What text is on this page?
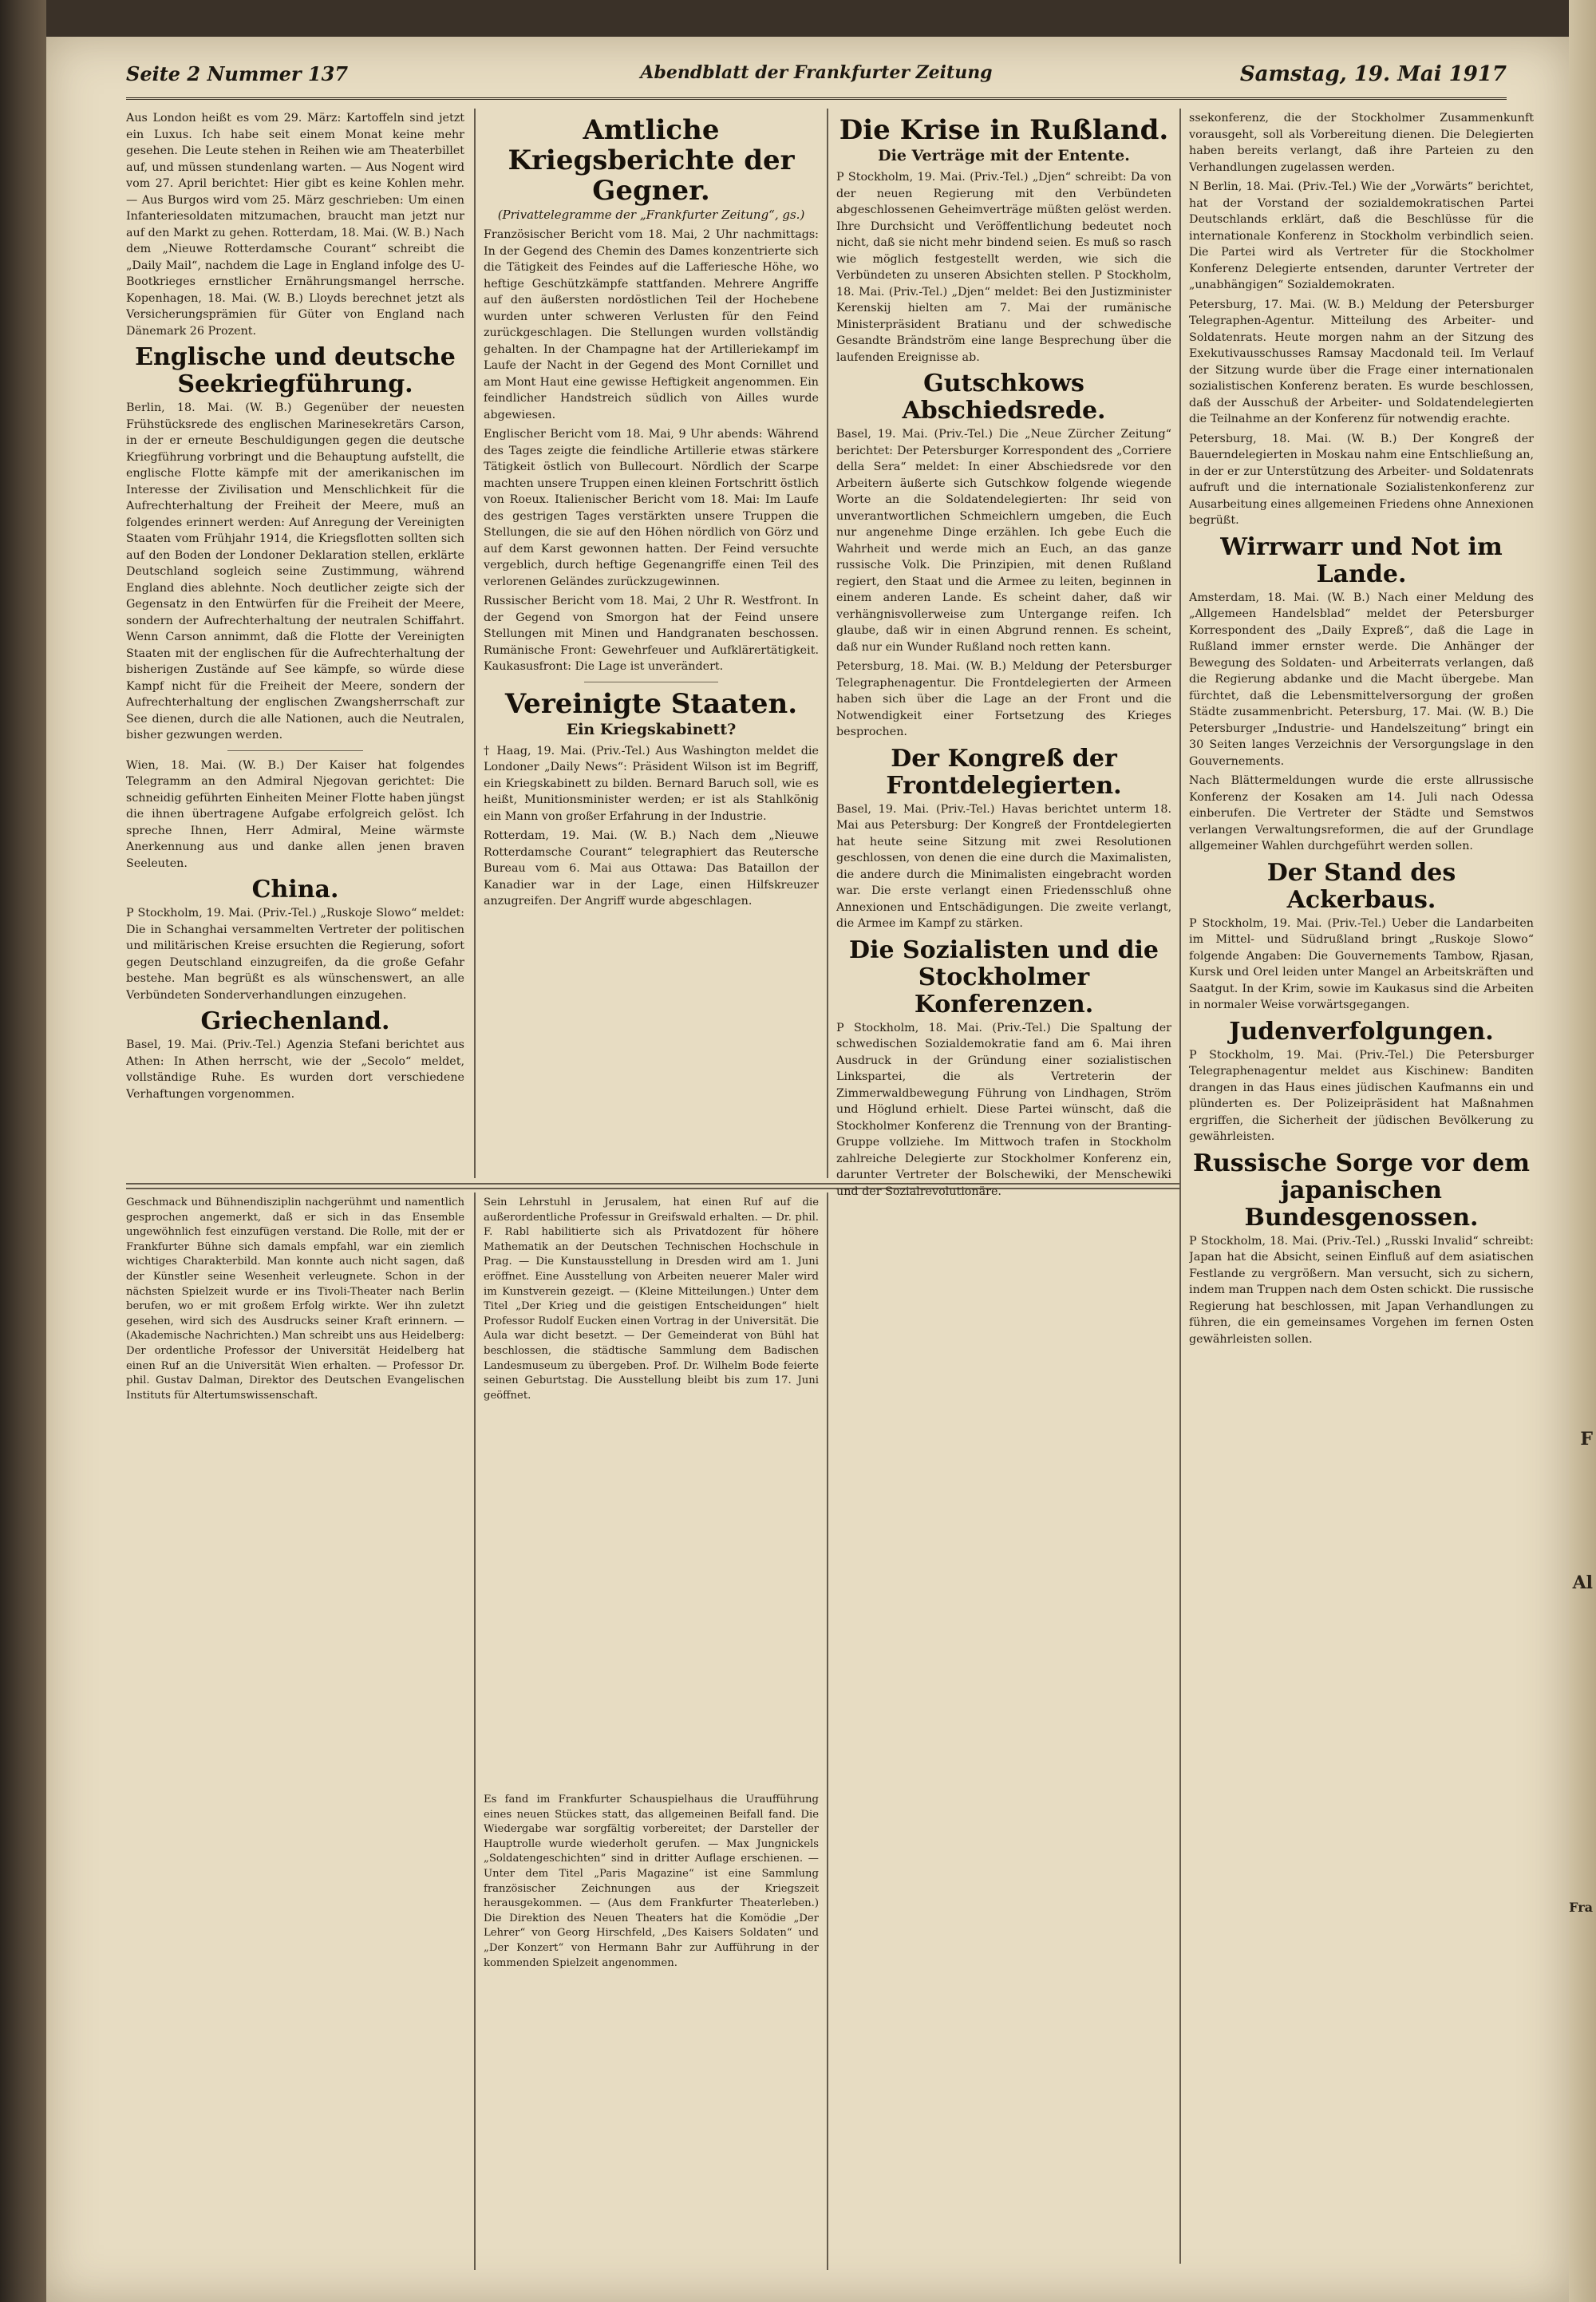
Seite 2 Nummer 137	Abendblatt der Frankfurter Zeitung	Samstag, 19. Mai 1917

Aus London heißt es vom 29. März: Kartoffeln sind jetzt ein Luxus. Ich habe seit einem Monat keine mehr gesehen. Die Leute stehen in Reihen wie am Theaterbillet auf, und müssen stundenlang warten. — Aus Nogent wird vom 27. April berichtet: Hier gibt es keine Kohlen mehr. — Aus Burgos wird vom 25. März geschrieben: Um einen Infanteriesoldaten mitzumachen, braucht man jetzt nur auf den Markt zu gehen. Rotterdam, 18. Mai. (W. B.) Nach dem „Nieuwe Rotterdamsche Courant“ schreibt die „Daily Mail“, nachdem die Lage in England infolge des U-Bootkrieges ernstlicher Ernährungsmangel herrsche. Kopenhagen, 18. Mai. (W. B.) Lloyds berechnet jetzt als Versicherungsprämien für Güter von England nach Dänemark 26 Prozent.

Englische und deutsche Seekriegführung.

Berlin, 18. Mai. (W. B.) Gegenüber der neuesten Frühstücksrede des englischen Marinesekretärs Carson, in der er erneute Beschuldigungen gegen die deutsche Kriegführung vorbringt und die Behauptung aufstellt, die englische Flotte kämpfe mit der amerikanischen im Interesse der Zivilisation und Menschlichkeit für die Aufrechterhaltung der Freiheit der Meere, muß an folgendes erinnert werden: Auf Anregung der Vereinigten Staaten vom Frühjahr 1914, die Kriegsflotten sollten sich auf den Boden der Londoner Deklaration stellen, erklärte Deutschland sogleich seine Zustimmung, während England dies ablehnte. Noch deutlicher zeigte sich der Gegensatz in den Entwürfen für die Freiheit der Meere, sondern der Aufrechterhaltung der neutralen Schiffahrt. Wenn Carson annimmt, daß die Flotte der Vereinigten Staaten mit der englischen für die Aufrechterhaltung der bisherigen Zustände auf See kämpfe, so würde diese Kampf nicht für die Freiheit der Meere, sondern der Aufrechterhaltung der englischen Zwangsherrschaft zur See dienen, durch die alle Nationen, auch die Neutralen, bisher gezwungen werden.

Wien, 18. Mai. (W. B.) Der Kaiser hat folgendes Telegramm an den Admiral Njegovan gerichtet: Die schneidig geführten Einheiten Meiner Flotte haben jüngst die ihnen übertragene Aufgabe erfolgreich gelöst. Ich spreche Ihnen, Herr Admiral, Meine wärmste Anerkennung aus und danke allen jenen braven Seeleuten.

China.

P Stockholm, 19. Mai. (Priv.-Tel.) „Ruskoje Slowo“ meldet: Die in Schanghai versammelten Vertreter der politischen und militärischen Kreise ersuchten die Regierung, sofort gegen Deutschland einzugreifen, da die große Gefahr bestehe. Man begrüßt es als wünschenswert, an alle Verbündeten Sonderverhandlungen einzugehen.

Griechenland.

Basel, 19. Mai. (Priv.-Tel.) Agenzia Stefani berichtet aus Athen: In Athen herrscht, wie der „Secolo“ meldet, vollständige Ruhe. Es wurden dort verschiedene Verhaftungen vorgenommen.

Amtliche Kriegsberichte der Gegner.
(Privattelegramme der „Frankfurter Zeitung“, gs.)

Französischer Bericht vom 18. Mai, 2 Uhr nachmittags: In der Gegend des Chemin des Dames konzentrierte sich die Tätigkeit des Feindes auf die Lafferiesche Höhe, wo heftige Geschützkämpfe stattfanden. Mehrere Angriffe auf den äußersten nordöstlichen Teil der Hochebene wurden unter schweren Verlusten für den Feind zurückgeschlagen. Die Stellungen wurden vollständig gehalten. In der Champagne hat der Artilleriekampf im Laufe der Nacht in der Gegend des Mont Cornillet und am Mont Haut eine gewisse Heftigkeit angenommen. Ein feindlicher Handstreich südlich von Ailles wurde abgewiesen.

Englischer Bericht vom 18. Mai, 9 Uhr abends: Während des Tages zeigte die feindliche Artillerie etwas stärkere Tätigkeit östlich von Bullecourt. Nördlich der Scarpe machten unsere Truppen einen kleinen Fortschritt östlich von Roeux. Italienischer Bericht vom 18. Mai: Im Laufe des gestrigen Tages verstärkten unsere Truppen die Stellungen, die sie auf den Höhen nördlich von Görz und auf dem Karst gewonnen hatten. Der Feind versuchte vergeblich, durch heftige Gegenangriffe einen Teil des verlorenen Geländes zurückzugewinnen.

Russischer Bericht vom 18. Mai, 2 Uhr R. Westfront. In der Gegend von Smorgon hat der Feind unsere Stellungen mit Minen und Handgranaten beschossen. Rumänische Front: Gewehrfeuer und Aufklärertätigkeit. Kaukasusfront: Die Lage ist unverändert.

Vereinigte Staaten.
Ein Kriegskabinett?

† Haag, 19. Mai. (Priv.-Tel.) Aus Washington meldet die Londoner „Daily News“: Präsident Wilson ist im Begriff, ein Kriegskabinett zu bilden. Bernard Baruch soll, wie es heißt, Munitionsminister werden; er ist als Stahlkönig ein Mann von großer Erfahrung in der Industrie.

Rotterdam, 19. Mai. (W. B.) Nach dem „Nieuwe Rotterdamsche Courant“ telegraphiert das Reutersche Bureau vom 6. Mai aus Ottawa: Das Bataillon der Kanadier war in der Lage, einen Hilfskreuzer anzugreifen. Der Angriff wurde abgeschlagen.

Die Krise in Rußland.
Die Verträge mit der Entente.

P Stockholm, 19. Mai. (Priv.-Tel.) „Djen“ schreibt: Da von der neuen Regierung mit den Verbündeten abgeschlossenen Geheimverträge müßten gelöst werden. Ihre Durchsicht und Veröffentlichung bedeutet noch nicht, daß sie nicht mehr bindend seien. Es muß so rasch wie möglich festgestellt werden, wie sich die Verbündeten zu unseren Absichten stellen. P Stockholm, 18. Mai. (Priv.-Tel.) „Djen“ meldet: Bei den Justizminister Kerenskij hielten am 7. Mai der rumänische Ministerpräsident Bratianu und der schwedische Gesandte Brändström eine lange Besprechung über die laufenden Ereignisse ab.

Gutschkows Abschiedsrede.

Basel, 19. Mai. (Priv.-Tel.) Die „Neue Zürcher Zeitung“ berichtet: Der Petersburger Korrespondent des „Corriere della Sera“ meldet: In einer Abschiedsrede vor den Arbeitern äußerte sich Gutschkow folgende wiegende Worte an die Soldatendelegierten: Ihr seid von unverantwortlichen Schmeichlern umgeben, die Euch nur angenehme Dinge erzählen. Ich gebe Euch die Wahrheit und werde mich an Euch, an das ganze russische Volk. Die Prinzipien, mit denen Rußland regiert, den Staat und die Armee zu leiten, beginnen in einem anderen Lande. Es scheint daher, daß wir verhängnisvollerweise zum Untergange reifen. Ich glaube, daß wir in einen Abgrund rennen. Es scheint, daß nur ein Wunder Rußland noch retten kann.

Petersburg, 18. Mai. (W. B.) Meldung der Petersburger Telegraphenagentur. Die Frontdelegierten der Armeen haben sich über die Lage an der Front und die Notwendigkeit einer Fortsetzung des Krieges besprochen.

Der Kongreß der Frontdelegierten.

Basel, 19. Mai. (Priv.-Tel.) Havas berichtet unterm 18. Mai aus Petersburg: Der Kongreß der Frontdelegierten hat heute seine Sitzung mit zwei Resolutionen geschlossen, von denen die eine durch die Maximalisten, die andere durch die Minimalisten eingebracht worden war. Die erste verlangt einen Friedensschluß ohne Annexionen und Entschädigungen. Die zweite verlangt, die Armee im Kampf zu stärken.

Die Sozialisten und die Stockholmer Konferenzen.

P Stockholm, 18. Mai. (Priv.-Tel.) Die Spaltung der schwedischen Sozialdemokratie fand am 6. Mai ihren Ausdruck in der Gründung einer sozialistischen Linkspartei, die als Vertreterin der Zimmerwaldbewegung Führung von Lindhagen, Ström und Höglund erhielt. Diese Partei wünscht, daß die Stockholmer Konferenz die Trennung von der Branting-Gruppe vollziehe. Im Mittwoch trafen in Stockholm zahlreiche Delegierte zur Stockholmer Konferenz ein, darunter Vertreter der Bolschewiki, der Menschewiki und der Sozialrevolutionäre.

ssekonferenz, die der Stockholmer Zusammenkunft vorausgeht, soll als Vorbereitung dienen. Die Delegierten haben bereits verlangt, daß ihre Parteien zu den Verhandlungen zugelassen werden.

N Berlin, 18. Mai. (Priv.-Tel.) Wie der „Vorwärts“ berichtet, hat der Vorstand der sozialdemokratischen Partei Deutschlands erklärt, daß die Beschlüsse für die internationale Konferenz in Stockholm verbindlich seien. Die Partei wird als Vertreter für die Stockholmer Konferenz Delegierte entsenden, darunter Vertreter der „unabhängigen“ Sozialdemokraten.

Petersburg, 17. Mai. (W. B.) Meldung der Petersburger Telegraphen-Agentur. Mitteilung des Arbeiter- und Soldatenrats. Heute morgen nahm an der Sitzung des Exekutivausschusses Ramsay Macdonald teil. Im Verlauf der Sitzung wurde über die Frage einer internationalen sozialistischen Konferenz beraten. Es wurde beschlossen, daß der Ausschuß der Arbeiter- und Soldatendelegierten die Teilnahme an der Konferenz für notwendig erachte.

Petersburg, 18. Mai. (W. B.) Der Kongreß der Bauerndelegierten in Moskau nahm eine Entschließung an, in der er zur Unterstützung des Arbeiter- und Soldatenrats aufruft und die internationale Sozialistenkonferenz zur Ausarbeitung eines allgemeinen Friedens ohne Annexionen begrüßt.

Wirrwarr und Not im Lande.

Amsterdam, 18. Mai. (W. B.) Nach einer Meldung des „Allgemeen Handelsblad“ meldet der Petersburger Korrespondent des „Daily Expreß“, daß die Lage in Rußland immer ernster werde. Die Anhänger der Bewegung des Soldaten- und Arbeiterrats verlangen, daß die Regierung abdanke und die Macht übergebe. Man fürchtet, daß die Lebensmittelversorgung der großen Städte zusammenbricht. Petersburg, 17. Mai. (W. B.) Die Petersburger „Industrie- und Handelszeitung“ bringt ein 30 Seiten langes Verzeichnis der Versorgungslage in den Gouvernements.

Nach Blättermeldungen wurde die erste allrussische Konferenz der Kosaken am 14. Juli nach Odessa einberufen. Die Vertreter der Städte und Semstwos verlangen Verwaltungsreformen, die auf der Grundlage allgemeiner Wahlen durchgeführt werden sollen.

Der Stand des Ackerbaus.

P Stockholm, 19. Mai. (Priv.-Tel.) Ueber die Landarbeiten im Mittel- und Südrußland bringt „Ruskoje Slowo“ folgende Angaben: Die Gouvernements Tambow, Rjasan, Kursk und Orel leiden unter Mangel an Arbeitskräften und Saatgut. In der Krim, sowie im Kaukasus sind die Arbeiten in normaler Weise vorwärtsgegangen.

Judenverfolgungen.

P Stockholm, 19. Mai. (Priv.-Tel.) Die Petersburger Telegraphenagentur meldet aus Kischinew: Banditen drangen in das Haus eines jüdischen Kaufmanns ein und plünderten es. Der Polizeipräsident hat Maßnahmen ergriffen, die Sicherheit der jüdischen Bevölkerung zu gewährleisten.

Russische Sorge vor dem japanischen Bundesgenossen.

P Stockholm, 18. Mai. (Priv.-Tel.) „Russki Invalid“ schreibt: Japan hat die Absicht, seinen Einfluß auf dem asiatischen Festlande zu vergrößern. Man versucht, sich zu sichern, indem man Truppen nach dem Osten schickt. Die russische Regierung hat beschlossen, mit Japan Verhandlungen zu führen, die ein gemeinsames Vorgehen im fernen Osten gewährleisten sollen.

Geschmack und Bühnendisziplin nachgerühmt und namentlich gesprochen angemerkt, daß er sich in das Ensemble ungewöhnlich fest einzufügen verstand. Die Rolle, mit der er Frankfurter Bühne sich damals empfahl, war ein ziemlich wichtiges Charakterbild. Man konnte auch nicht sagen, daß der Künstler seine Wesenheit verleugnete. Schon in der nächsten Spielzeit wurde er ins Tivoli-Theater nach Berlin berufen, wo er mit großem Erfolg wirkte. Wer ihn zuletzt gesehen, wird sich des Ausdrucks seiner Kraft erinnern. — (Akademische Nachrichten.) Man schreibt uns aus Heidelberg: Der ordentliche Professor der Universität Heidelberg hat einen Ruf an die Universität Wien erhalten. — Professor Dr. phil. Gustav Dalman, Direktor des Deutschen Evangelischen Instituts für Altertumswissenschaft.

Sein Lehrstuhl in Jerusalem, hat einen Ruf auf die außerordentliche Professur in Greifswald erhalten. — Dr. phil. F. Rabl habilitierte sich als Privatdozent für höhere Mathematik an der Deutschen Technischen Hochschule in Prag. — Die Kunstausstellung in Dresden wird am 1. Juni eröffnet. Eine Ausstellung von Arbeiten neuerer Maler wird im Kunstverein gezeigt. — (Kleine Mitteilungen.) Unter dem Titel „Der Krieg und die geistigen Entscheidungen“ hielt Professor Rudolf Eucken einen Vortrag in der Universität. Die Aula war dicht besetzt. — Der Gemeinderat von Bühl hat beschlossen, die städtische Sammlung dem Badischen Landesmuseum zu übergeben. Prof. Dr. Wilhelm Bode feierte seinen Geburtstag. Die Ausstellung bleibt bis zum 17. Juni geöffnet.

Es fand im Frankfurter Schauspielhaus die Uraufführung eines neuen Stückes statt, das allgemeinen Beifall fand. Die Wiedergabe war sorgfältig vorbereitet; der Darsteller der Hauptrolle wurde wiederholt gerufen. — Max Jungnickels „Soldatengeschichten“ sind in dritter Auflage erschienen. — Unter dem Titel „Paris Magazine“ ist eine Sammlung französischer Zeichnungen aus der Kriegszeit herausgekommen. — (Aus dem Frankfurter Theaterleben.) Die Direktion des Neuen Theaters hat die Komödie „Der Lehrer“ von Georg Hirschfeld, „Des Kaisers Soldaten“ und „Der Konzert“ von Hermann Bahr zur Aufführung in der kommenden Spielzeit angenommen.

F
Al
Fra
